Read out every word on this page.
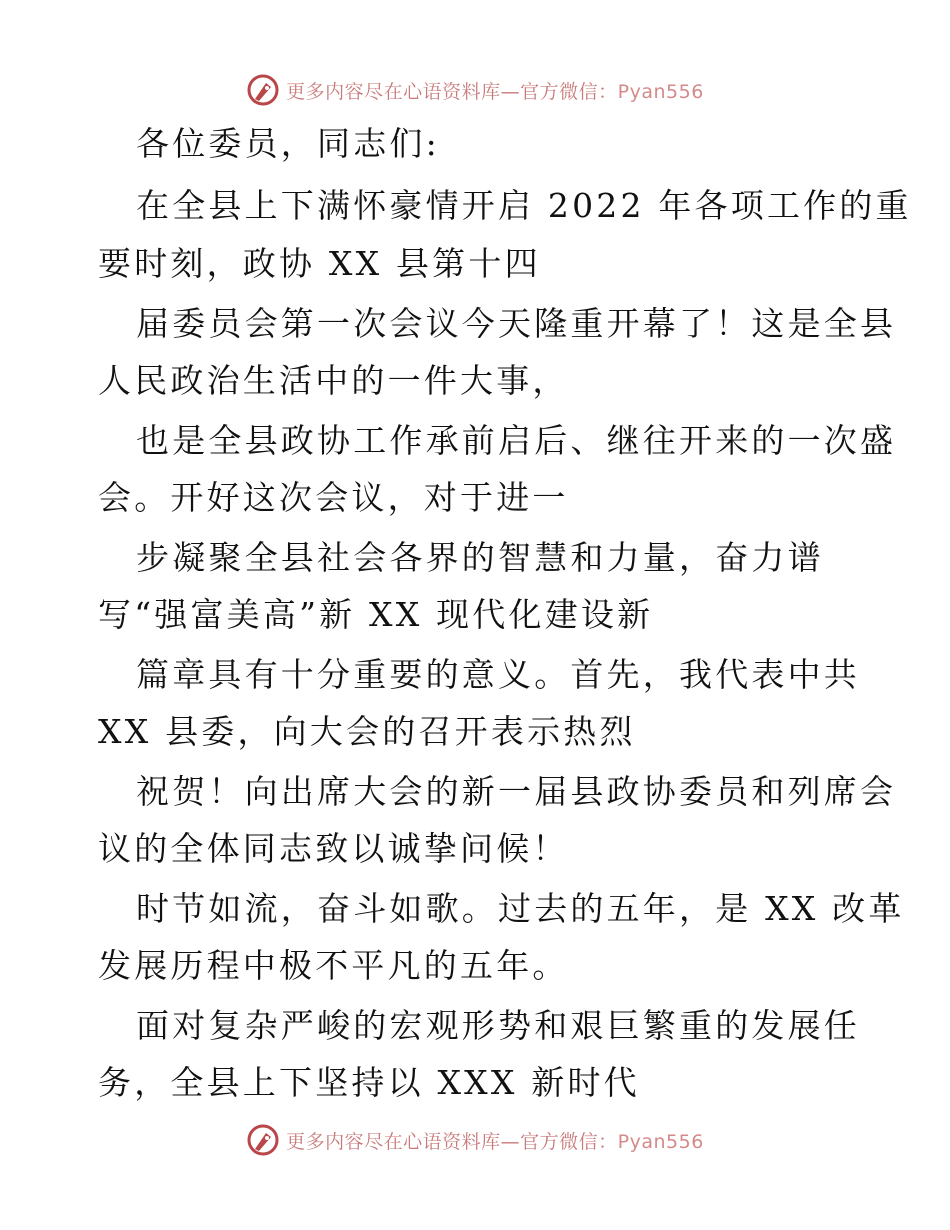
更多内容尽在心语资料库—官方微信：Pyan556
各位委员，同志们:
在全县上下满怀豪情开启 2022 年各项工作的重
要时刻，政协 XX 县第十四
届委员会第一次会议今天隆重开幕了！这是全县
人民政治生活中的一件大事，
也是全县政协工作承前启后、继往开来的一次盛
会。开好这次会议，对于进一
步凝聚全县社会各界的智慧和力量，奋力谱
写“强富美高”新 XX 现代化建设新
篇章具有十分重要的意义。首先，我代表中共
XX 县委，向大会的召开表示热烈
祝贺！向出席大会的新一届县政协委员和列席会
议的全体同志致以诚挚问候！
时节如流，奋斗如歌。过去的五年，是 XX 改革
发展历程中极不平凡的五年。
面对复杂严峻的宏观形势和艰巨繁重的发展任
务，全县上下坚持以 XXX 新时代
更多内容尽在心语资料库—官方微信：Pyan556
